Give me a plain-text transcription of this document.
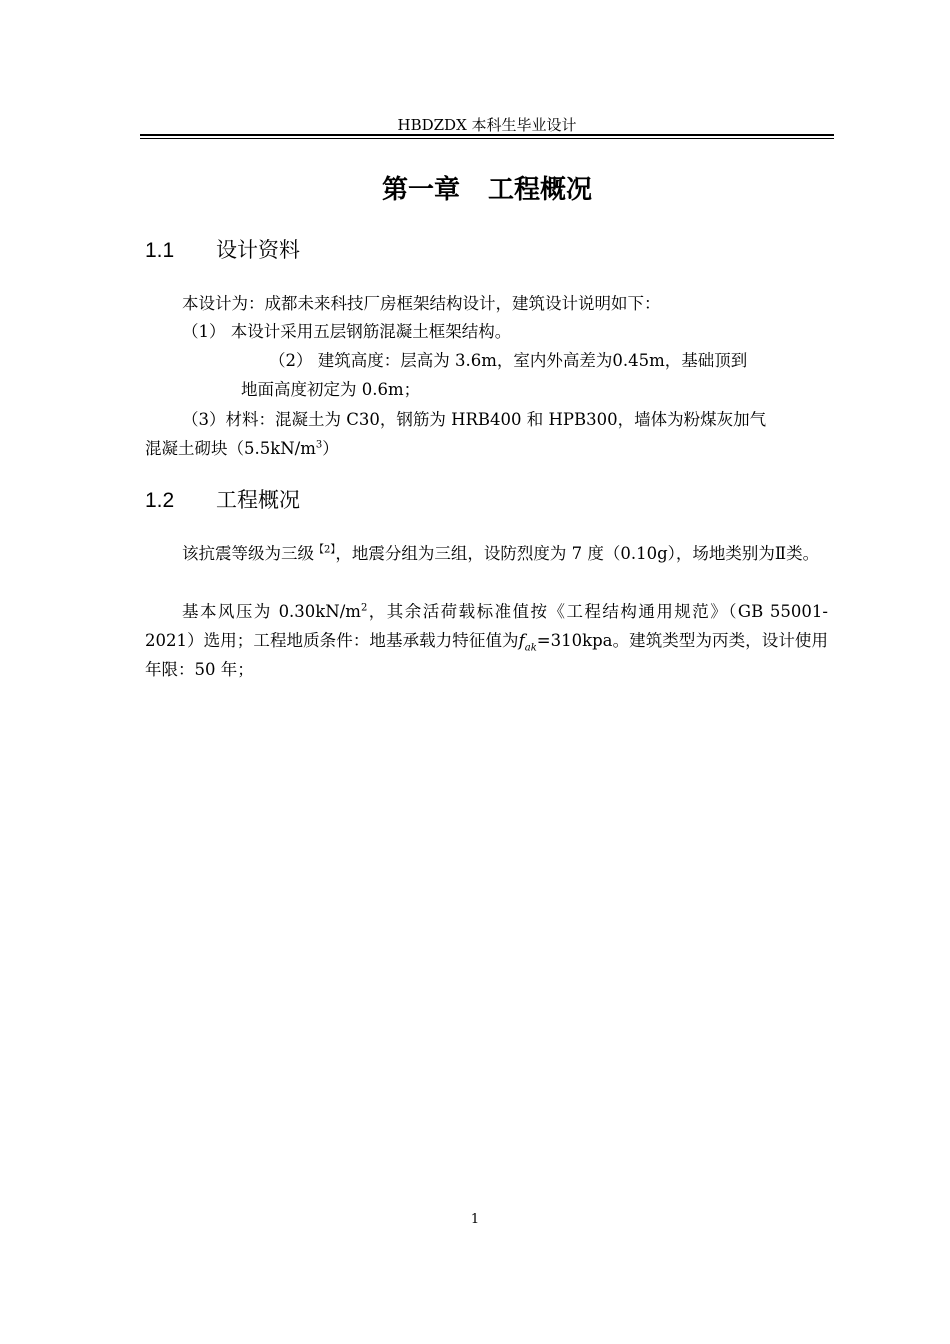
HBDZDX 本科生毕业设计
第一章 工程概况
1.1 设计资料
本设计为：成都未来科技厂房框架结构设计，建筑设计说明如下：
（1） 本设计采用五层钢筋混凝土框架结构。
（2） 建筑高度：层高为 3.6m，室内外高差为0.45m，基础顶到
地面高度初定为 0.6m；
（3）材料：混凝土为 C30，钢筋为 HRB400 和 HPB300，墙体为粉煤灰加气
混凝土砌块$(5.5kN/m^3)$
1.2 工程概况
该抗震等级为三级$^{【2】}$，地震分组为三组，设防烈度为 7 度（0.10g），场地类别为Ⅱ类。
基本风压为 $0.30kN/m^2$，其余活荷载标准值按《工程结构通用规范》（GB 55001-2021）选用；工程地质条件：地基承载力特征值为$f_{ak}=310kpa$。建筑类型为丙类，设计使用年限：50 年；
1
